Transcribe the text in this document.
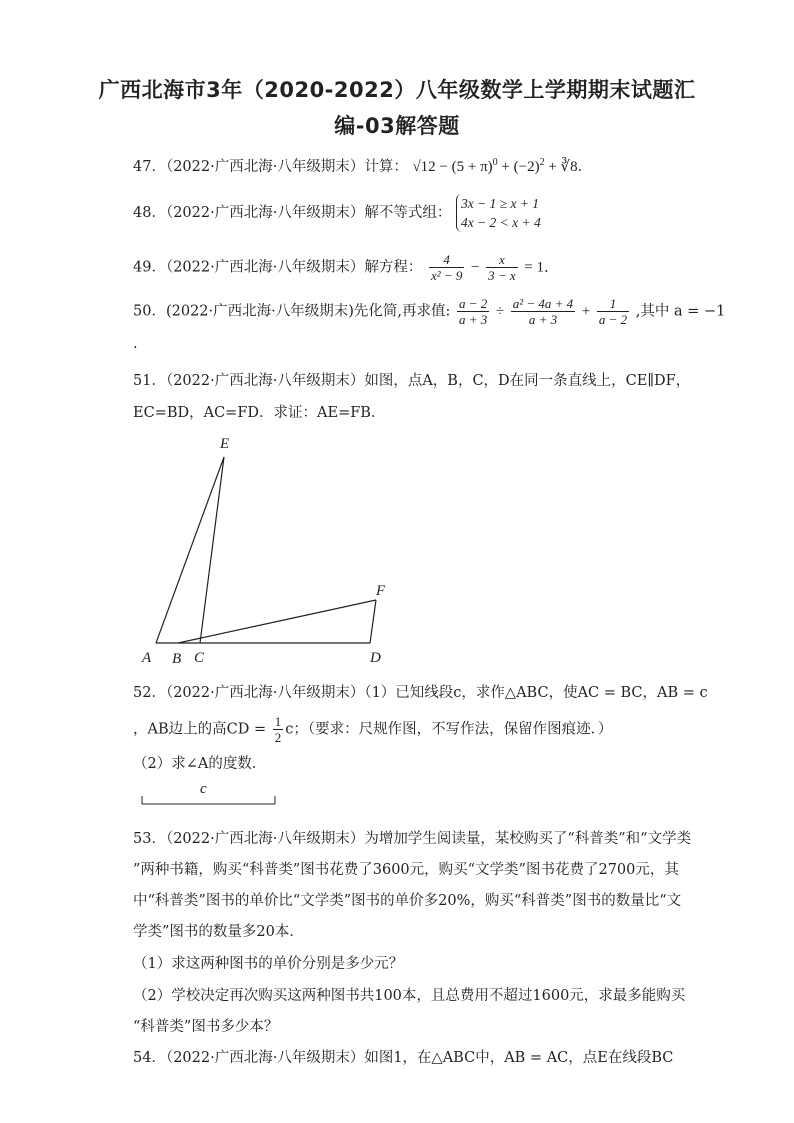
广西北海市3年（2020-2022）八年级数学上学期期末试题汇
编-03解答题
47．（2022·广西北海·八年级期末）计算： $√12 - (5 + \pi)^0 + (-2)^2$ + ∛8．
48．（2022·广西北海·八年级期末）解不等式组：
3x − 1 ≥ x + 1
4x − 2 < x + 4
49．（2022·广西北海·八年级期末）解方程： $\frac{4}{\text{x² − 9}} - \frac{x}{3 - x} = 1$．
50．(2022·广西北海·八年级期末)先化简,再求值: $\frac{a - 2}{a + 3} \div \frac{\text{a² − 4a + 4}}{a + 3} + \frac{1}{a - 2}$ ,其中 a = −1
.
51．（2022·广西北海·八年级期末）如图，点A，B，C，D在同一条直线上，CE∥DF，
EC=BD，AC=FD．求证：AE=FB．
E
F
A B C	D
52．（2022·广西北海·八年级期末）（1）已知线段c，求作△ABC，使AC = BC，AB = c
，AB边上的高CD = $\frac{1}{2}$ c；（要求：尺规作图，不写作法，保留作图痕迹．）
（2）求∠A的度数．
c
53．（2022·广西北海·八年级期末）为增加学生阅读量，某校购买了“科普类”和“文学类
”两种书籍，购买“科普类”图书花费了3600元，购买“文学类”图书花费了2700元，其
中“科普类”图书的单价比“文学类”图书的单价多20%，购买“科普类”图书的数量比“文
学类”图书的数量多20本．
（1）求这两种图书的单价分别是多少元？
（2）学校决定再次购买这两种图书共100本，且总费用不超过1600元，求最多能购买
“科普类”图书多少本？
54．（2022·广西北海·八年级期末）如图1，在△ABC中，AB = AC，点E在线段BC
